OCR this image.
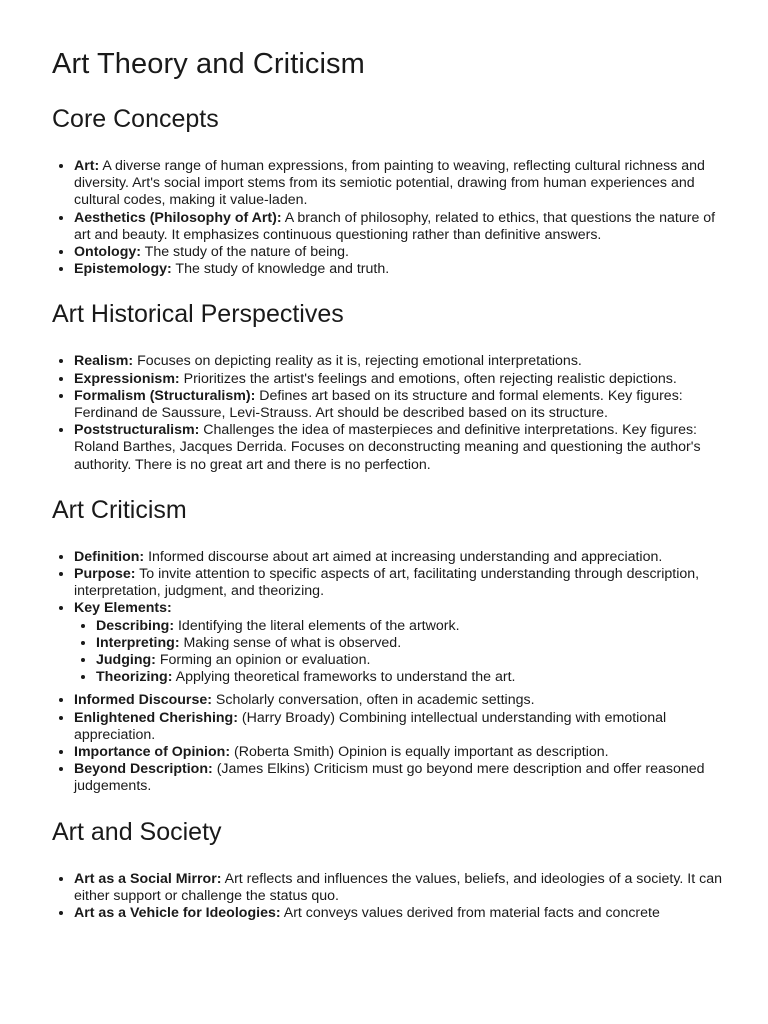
Art Theory and Criticism
Core Concepts
• Art: A diverse range of human expressions, from painting to weaving, reflecting cultural richness and diversity. Art's social import stems from its semiotic potential, drawing from human experiences and cultural codes, making it value-laden.
• Aesthetics (Philosophy of Art): A branch of philosophy, related to ethics, that questions the nature of art and beauty. It emphasizes continuous questioning rather than definitive answers.
• Ontology: The study of the nature of being.
• Epistemology: The study of knowledge and truth.
Art Historical Perspectives
• Realism: Focuses on depicting reality as it is, rejecting emotional interpretations.
• Expressionism: Prioritizes the artist's feelings and emotions, often rejecting realistic depictions.
• Formalism (Structuralism): Defines art based on its structure and formal elements. Key figures: Ferdinand de Saussure, Levi-Strauss. Art should be described based on its structure.
• Poststructuralism: Challenges the idea of masterpieces and definitive interpretations. Key figures: Roland Barthes, Jacques Derrida. Focuses on deconstructing meaning and questioning the author's authority. There is no great art and there is no perfection.
Art Criticism
• Definition: Informed discourse about art aimed at increasing understanding and appreciation.
• Purpose: To invite attention to specific aspects of art, facilitating understanding through description, interpretation, judgment, and theorizing.
• Key Elements:
• Describing: Identifying the literal elements of the artwork.
• Interpreting: Making sense of what is observed.
• Judging: Forming an opinion or evaluation.
• Theorizing: Applying theoretical frameworks to understand the art.
• Informed Discourse: Scholarly conversation, often in academic settings.
• Enlightened Cherishing: (Harry Broady) Combining intellectual understanding with emotional appreciation.
• Importance of Opinion: (Roberta Smith) Opinion is equally important as description.
• Beyond Description: (James Elkins) Criticism must go beyond mere description and offer reasoned judgements.
Art and Society
• Art as a Social Mirror: Art reflects and influences the values, beliefs, and ideologies of a society. It can either support or challenge the status quo.
• Art as a Vehicle for Ideologies: Art conveys values derived from material facts and concrete
